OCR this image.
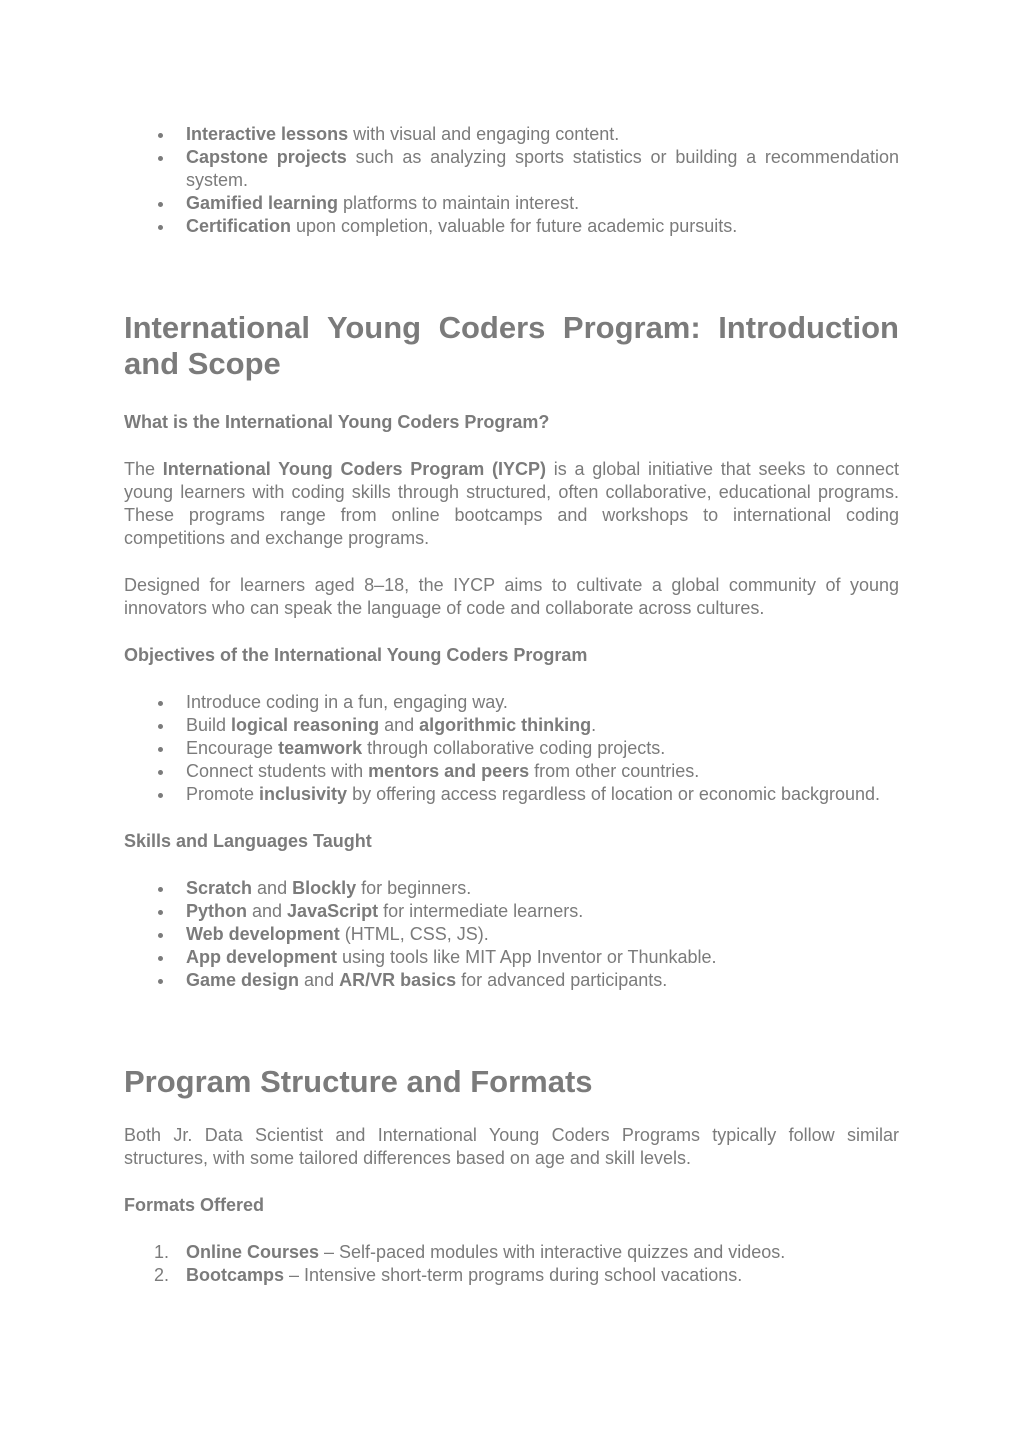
Interactive lessons with visual and engaging content.
Capstone projects such as analyzing sports statistics or building a recommendation system.
Gamified learning platforms to maintain interest.
Certification upon completion, valuable for future academic pursuits.
International Young Coders Program: Introduction and Scope
What is the International Young Coders Program?

The International Young Coders Program (IYCP) is a global initiative that seeks to connect young learners with coding skills through structured, often collaborative, educational programs. These programs range from online bootcamps and workshops to international coding competitions and exchange programs.

Designed for learners aged 8–18, the IYCP aims to cultivate a global community of young innovators who can speak the language of code and collaborate across cultures.

Objectives of the International Young Coders Program
Introduce coding in a fun, engaging way.
Build logical reasoning and algorithmic thinking.
Encourage teamwork through collaborative coding projects.
Connect students with mentors and peers from other countries.
Promote inclusivity by offering access regardless of location or economic background.
Skills and Languages Taught
Scratch and Blockly for beginners.
Python and JavaScript for intermediate learners.
Web development (HTML, CSS, JS).
App development using tools like MIT App Inventor or Thunkable.
Game design and AR/VR basics for advanced participants.
Program Structure and Formats

Both Jr. Data Scientist and International Young Coders Programs typically follow similar structures, with some tailored differences based on age and skill levels.

Formats Offered
1. Online Courses – Self-paced modules with interactive quizzes and videos.
2. Bootcamps – Intensive short-term programs during school vacations.
